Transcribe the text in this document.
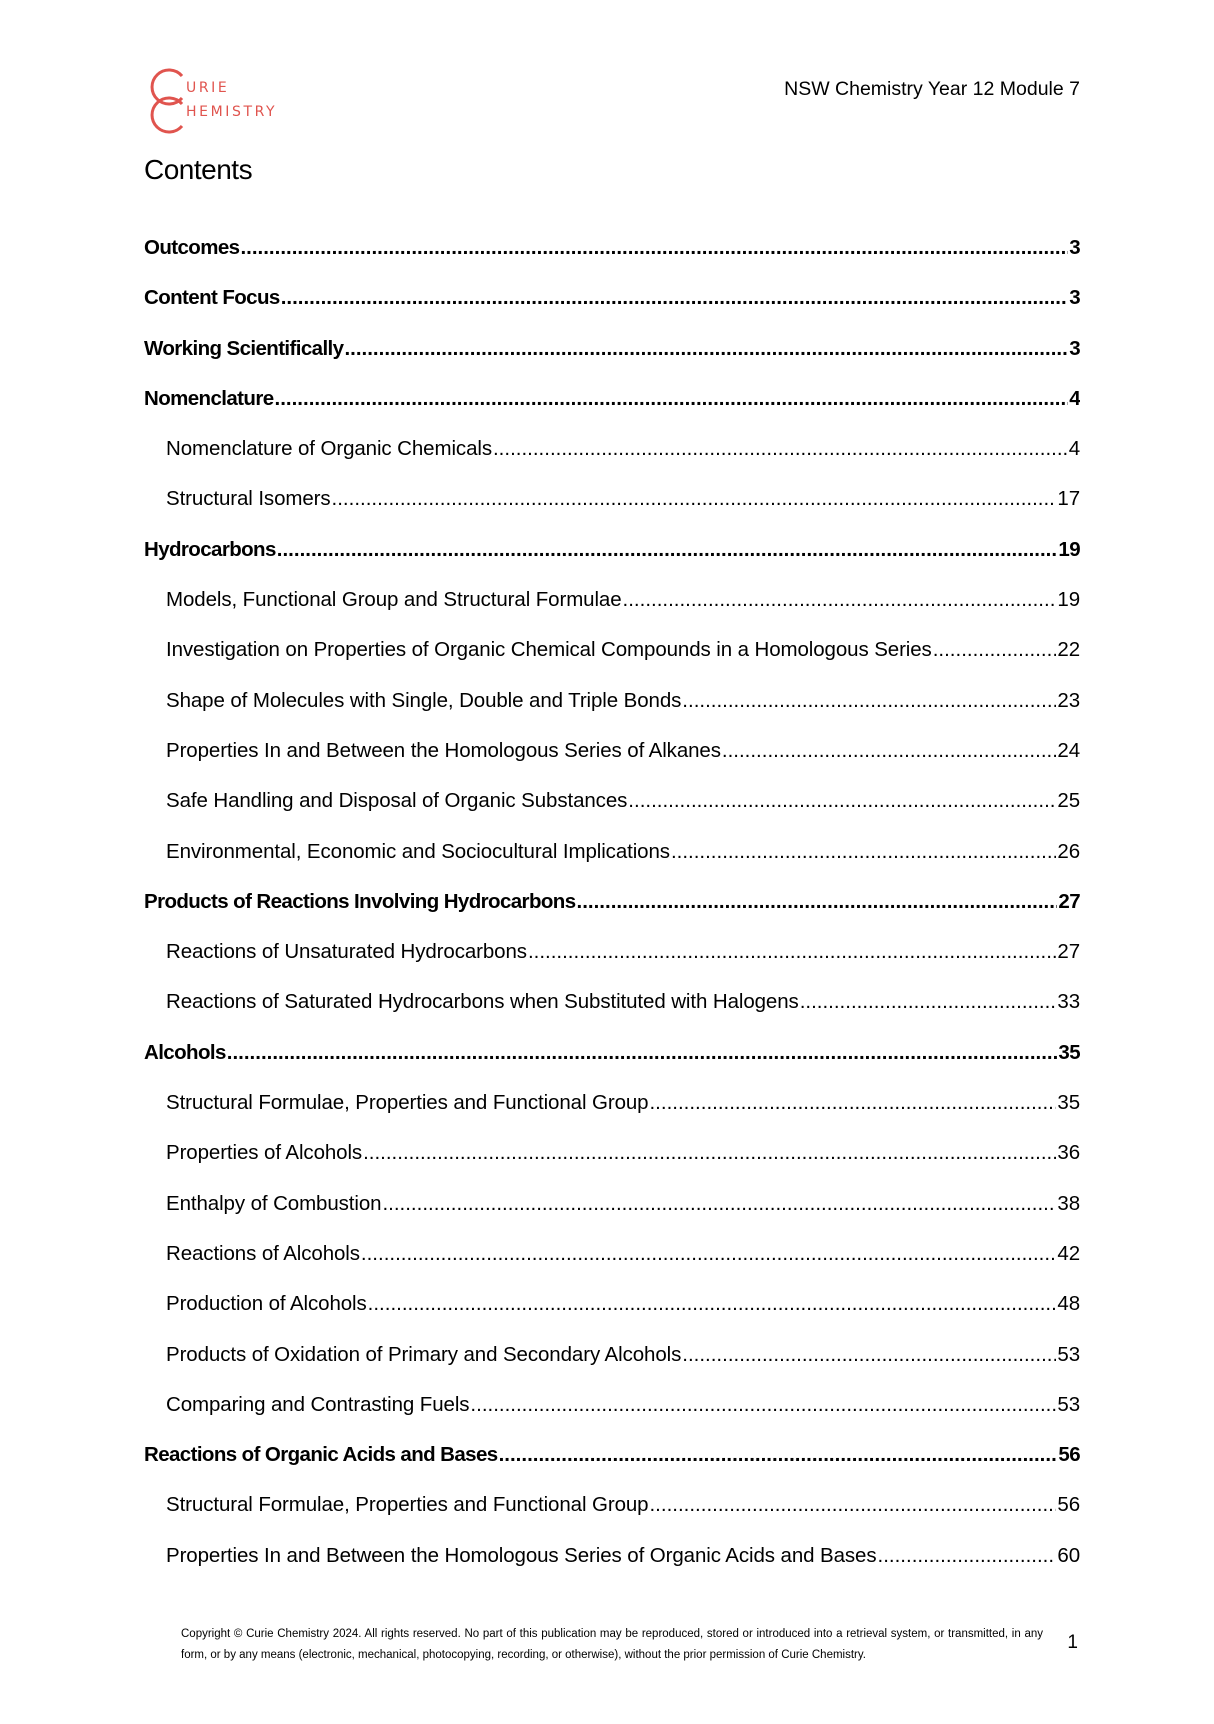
URIE
HEMISTRY
NSW Chemistry Year 12 Module 7
Contents
Outcomes .....	3
Content Focus .....	3
Working Scientifically .....	3
Nomenclature .....	4
Nomenclature of Organic Chemicals .....	4
Structural Isomers .....	17
Hydrocarbons .....	19
Models, Functional Group and Structural Formulae .....	19
Investigation on Properties of Organic Chemical Compounds in a Homologous Series .....	22
Shape of Molecules with Single, Double and Triple Bonds .....	23
Properties In and Between the Homologous Series of Alkanes .....	24
Safe Handling and Disposal of Organic Substances .....	25
Environmental, Economic and Sociocultural Implications .....	26
Products of Reactions Involving Hydrocarbons .....	27
Reactions of Unsaturated Hydrocarbons .....	27
Reactions of Saturated Hydrocarbons when Substituted with Halogens .....	33
Alcohols .....	35
Structural Formulae, Properties and Functional Group .....	35
Properties of Alcohols .....	36
Enthalpy of Combustion .....	38
Reactions of Alcohols .....	42
Production of Alcohols .....	48
Products of Oxidation of Primary and Secondary Alcohols .....	53
Comparing and Contrasting Fuels .....	53
Reactions of Organic Acids and Bases .....	56
Structural Formulae, Properties and Functional Group .....	56
Properties In and Between the Homologous Series of Organic Acids and Bases .....	60
Copyright © Curie Chemistry 2024. All rights reserved. No part of this publication may be reproduced, stored or introduced into a retrieval system, or transmitted, in any form, or by any means (electronic, mechanical, photocopying, recording, or otherwise), without the prior permission of Curie Chemistry.
1
